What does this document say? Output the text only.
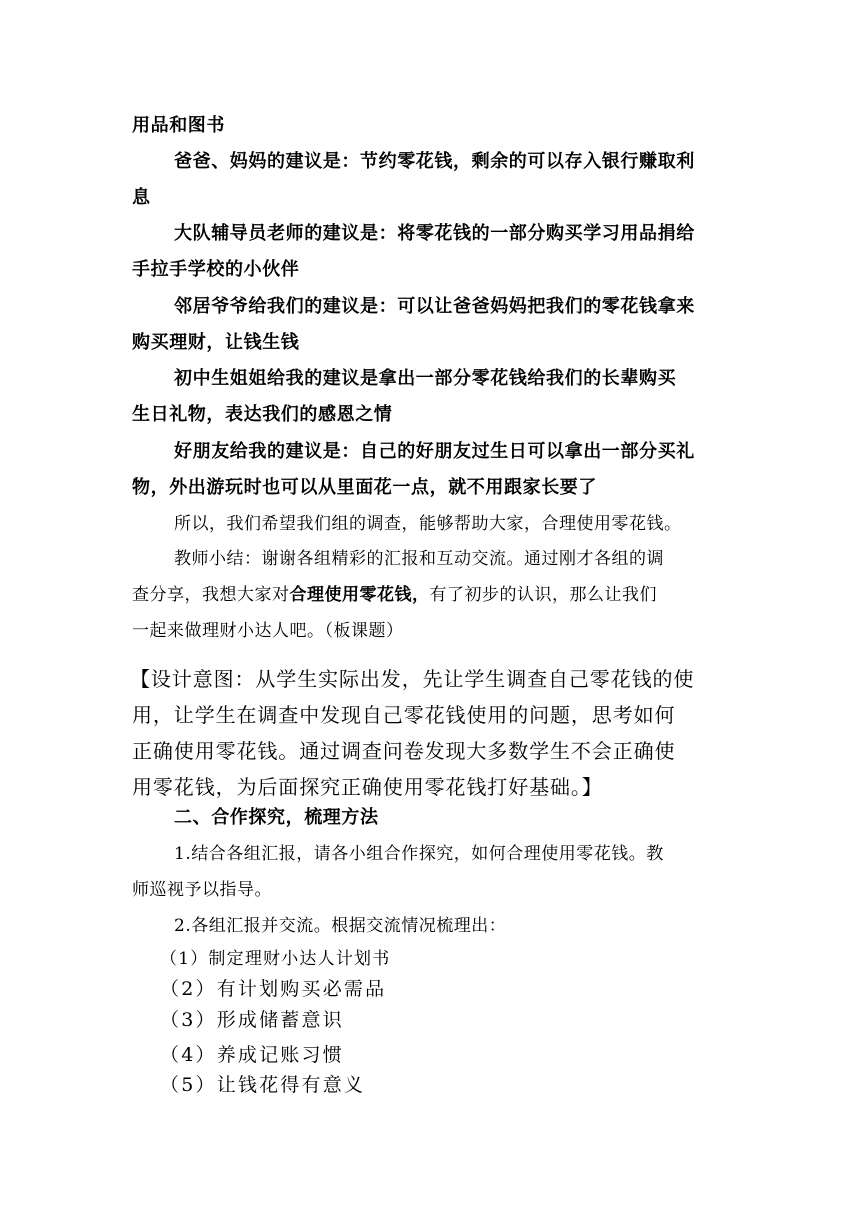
用品和图书

爸爸、妈妈的建议是：节约零花钱，剩余的可以存入银行赚取利

息

大队辅导员老师的建议是：将零花钱的一部分购买学习用品捐给

手拉手学校的小伙伴

邻居爷爷给我们的建议是：可以让爸爸妈妈把我们的零花钱拿来

购买理财，让钱生钱

初中生姐姐给我的建议是拿出一部分零花钱给我们的长辈购买

生日礼物，表达我们的感恩之情

好朋友给我的建议是：自己的好朋友过生日可以拿出一部分买礼

物，外出游玩时也可以从里面花一点，就不用跟家长要了

所以，我们希望我们组的调查，能够帮助大家，合理使用零花钱。

教师小结：谢谢各组精彩的汇报和互动交流。通过刚才各组的调

查分享，我想大家对合理使用零花钱，有了初步的认识，那么让我们

一起来做理财小达人吧。（板课题）

【设计意图：从学生实际出发，先让学生调查自己零花钱的使

用，让学生在调查中发现自己零花钱使用的问题，思考如何

正确使用零花钱。通过调查问卷发现大多数学生不会正确使

用零花钱，为后面探究正确使用零花钱打好基础。】

二、合作探究，梳理方法

1.结合各组汇报，请各小组合作探究，如何合理使用零花钱。教

师巡视予以指导。

2.各组汇报并交流。根据交流情况梳理出：

（1）制定理财小达人计划书

（2）有计划购买必需品

（3）形成储蓄意识

（4）养成记账习惯

（5）让钱花得有意义
